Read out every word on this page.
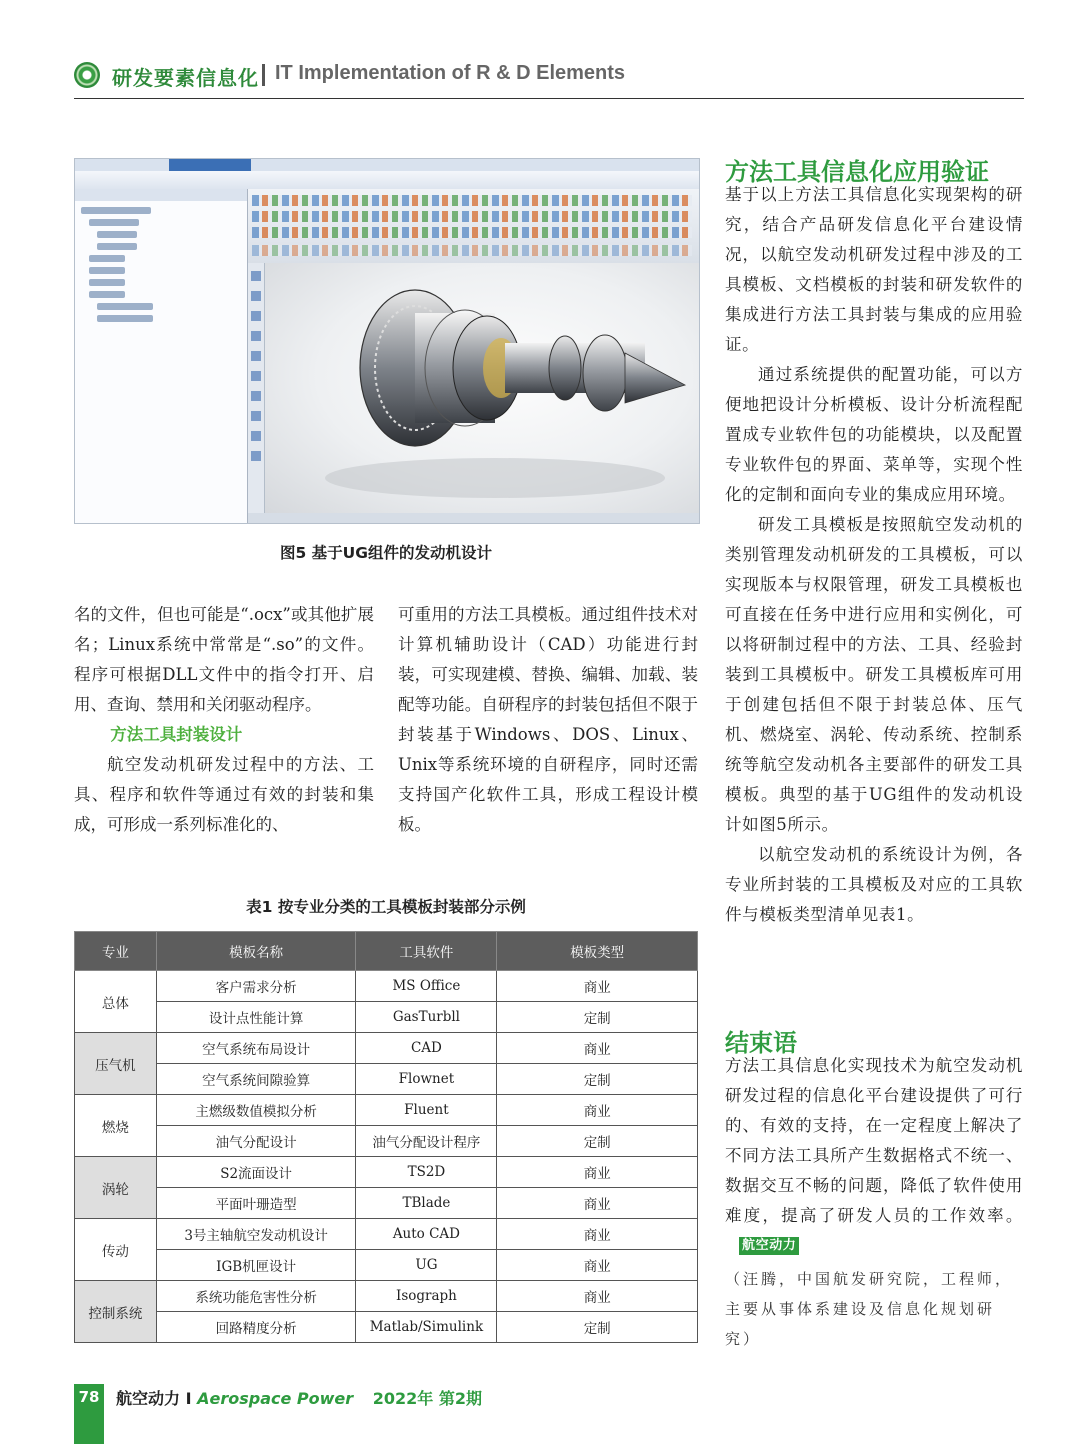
研发要素信息化 IT Implementation of R & D Elements
图5 基于UG组件的发动机设计

名的文件，但也可能是“.ocx”或其他扩展名；Linux系统中常常是“.so”的文件。程序可根据DLL文件中的指令打开、启用、查询、禁用和关闭驱动程序。

方法工具封装设计

航空发动机研发过程中的方法、工具、程序和软件等通过有效的封装和集成，可形成一系列标准化的、

可重用的方法工具模板。通过组件技术对计算机辅助设计（CAD）功能进行封装，可实现建模、替换、编辑、加载、装配等功能。自研程序的封装包括但不限于封装基于Windows、DOS、Linux、Unix等系统环境的自研程序，同时还需支持国产化软件工具，形成工程设计模板。

方法工具信息化应用验证

基于以上方法工具信息化实现架构的研究，结合产品研发信息化平台建设情况，以航空发动机研发过程中涉及的工具模板、文档模板的封装和研发软件的集成进行方法工具封装与集成的应用验证。

通过系统提供的配置功能，可以方便地把设计分析模板、设计分析流程配置成专业软件包的功能模块，以及配置专业软件包的界面、菜单等，实现个性化的定制和面向专业的集成应用环境。

研发工具模板是按照航空发动机的类别管理发动机研发的工具模板，可以实现版本与权限管理，研发工具模板也可直接在任务中进行应用和实例化，可以将研制过程中的方法、工具、经验封装到工具模板中。研发工具模板库可用于创建包括但不限于封装总体、压气机、燃烧室、涡轮、传动系统、控制系统等航空发动机各主要部件的研发工具模板。典型的基于UG组件的发动机设计如图5所示。

以航空发动机的系统设计为例，各专业所封装的工具模板及对应的工具软件与模板类型清单见表1。

结束语

方法工具信息化实现技术为航空发动机研发过程的信息化平台建设提供了可行的、有效的支持，在一定程度上解决了不同方法工具所产生数据格式不统一、数据交互不畅的问题，降低了软件使用难度，提高了研发人员的工作效率。航空动力

（汪腾，中国航发研究院，工程师，主要从事体系建设及信息化规划研究）
表1 按专业分类的工具模板封装部分示例
专业	模板名称	工具软件	模板类型
总体	客户需求分析	MS Office	商业
	设计点性能计算	GasTurbll	定制
压气机	空气系统布局设计	CAD	商业
	空气系统间隙验算	Flownet	定制
燃烧	主燃级数值模拟分析	Fluent	商业
	油气分配设计	油气分配设计程序	定制
涡轮	S2流面设计	TS2D	商业
	平面叶珊造型	TBlade	商业
传动	3号主轴航空发动机设计	Auto CAD	商业
	IGB机匣设计	UG	商业
控制系统	系统功能危害性分析	Isograph	商业
	回路精度分析	Matlab/Simulink	定制
78 航空动力 I Aerospace Power 2022年 第2期
